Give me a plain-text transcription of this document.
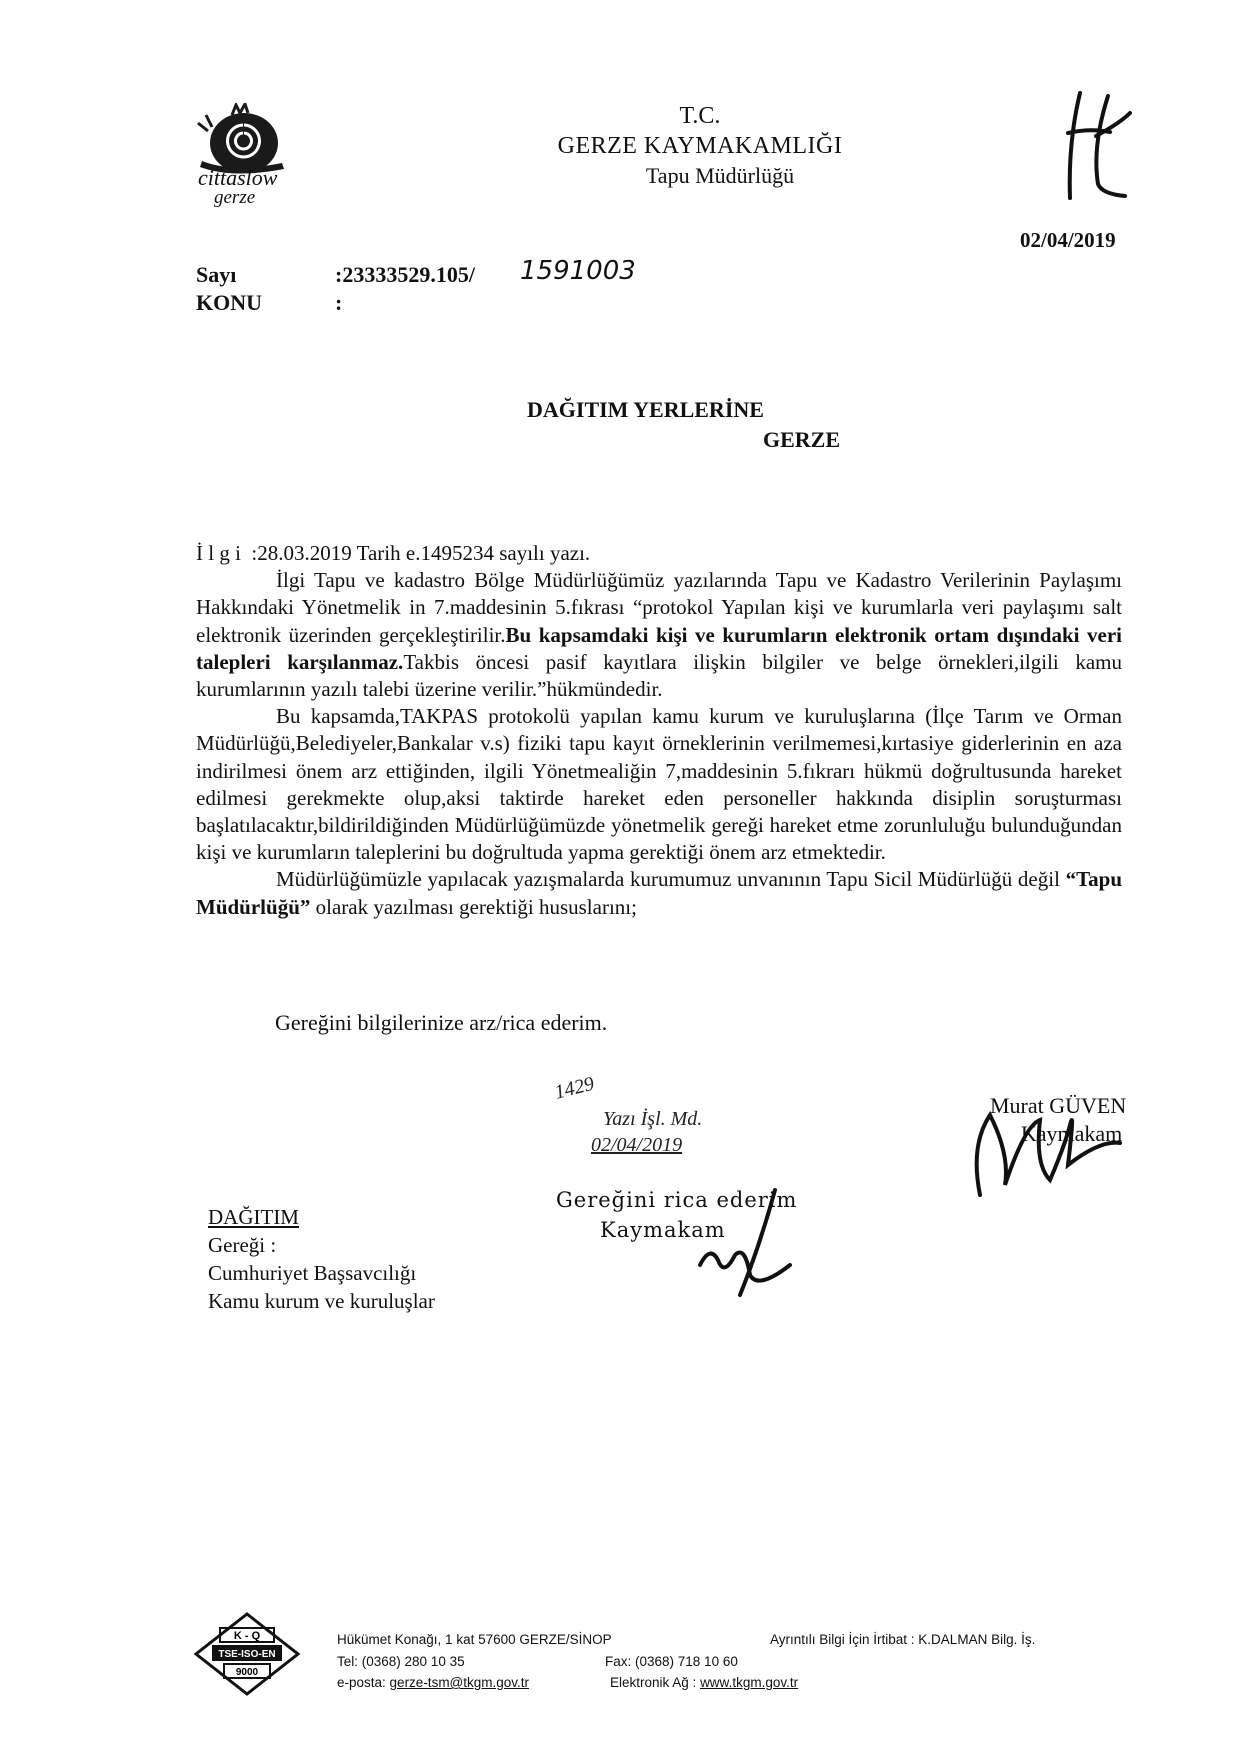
cittaslow
gerze
T.C.
GERZE KAYMAKAMLIĞI
Tapu Müdürlüğü
02/04/2019
Sayı	:23333529.105/ 1591003
KONU	:
DAĞITIM YERLERİNE
GERZE

İ l g i :28.03.2019 Tarih e.1495234 sayılı yazı.

İlgi Tapu ve kadastro Bölge Müdürlüğümüz yazılarında Tapu ve Kadastro Verilerinin Paylaşımı Hakkındaki Yönetmelik in 7.maddesinin 5.fıkrası “protokol Yapılan kişi ve kurumlarla veri paylaşımı salt elektronik üzerinden gerçekleştirilir.Bu kapsamdaki kişi ve kurumların elektronik ortam dışındaki veri talepleri karşılanmaz.Takbis öncesi pasif kayıtlara ilişkin bilgiler ve belge örnekleri,ilgili kamu kurumlarının yazılı talebi üzerine verilir.”hükmündedir.

Bu kapsamda,TAKPAS protokolü yapılan kamu kurum ve kuruluşlarına (İlçe Tarım ve Orman Müdürlüğü,Belediyeler,Bankalar v.s) fiziki tapu kayıt örneklerinin verilmemesi,kırtasiye giderlerinin en aza indirilmesi önem arz ettiğinden, ilgili Yönetmealiğin 7,maddesinin 5.fıkrarı hükmü doğrultusunda hareket edilmesi gerekmekte olup,aksi taktirde hareket eden personeller hakkında disiplin soruşturması başlatılacaktır,bildirildiğinden Müdürlüğümüzde yönetmelik gereği hareket etme zorunluluğu bulunduğundan kişi ve kurumların taleplerini bu doğrultuda yapma gerektiği önem arz etmektedir.

Müdürlüğümüzle yapılacak yazışmalarda kurumumuz unvanının Tapu Sicil Müdürlüğü değil “Tapu Müdürlüğü” olarak yazılması gerektiği hususlarını;

Gereğini bilgilerinize arz/rica ederim.
1429
Yazı İşl. Md.
02/04/2019
Gereğini rica ederim
Kaymakam
Murat GÜVEN
Kaymakam
DAĞITIM
Gereği :
Cumhuriyet Başsavcılığı
Kamu kurum ve kuruluşlar
K - Q
TSE-ISO-EN
9000
Hükümet Konağı, 1 kat 57600 GERZE/SİNOP	Ayrıntılı Bilgi İçin İrtibat : K.DALMAN Bilg. İş.
Tel: (0368) 280 10 35	Fax: (0368) 718 10 60
e-posta: gerze-tsm@tkgm.gov.tr	Elektronik Ağ : www.tkgm.gov.tr
